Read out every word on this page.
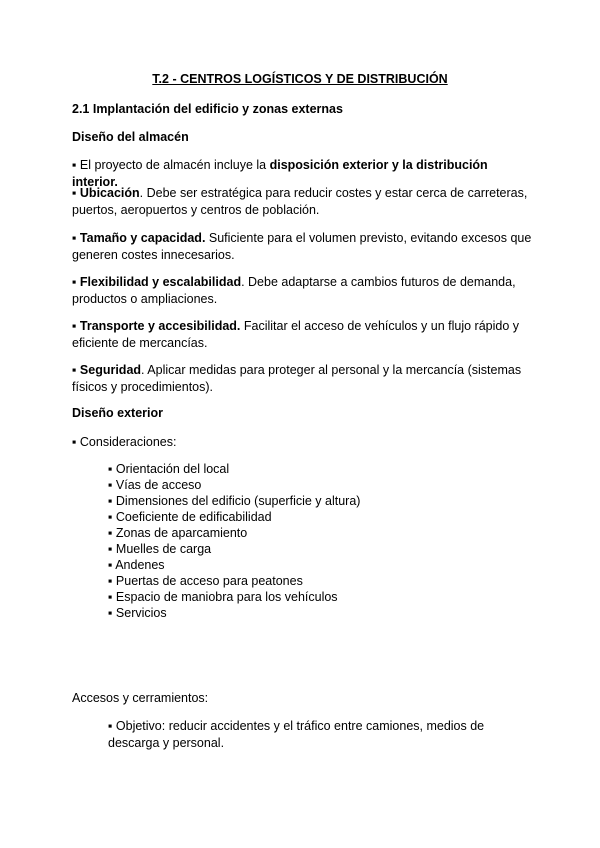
T.2 - CENTROS LOGÍSTICOS Y DE DISTRIBUCIÓN
2.1 Implantación del edificio y zonas externas
Diseño del almacén
▪ El proyecto de almacén incluye la disposición exterior y la distribución interior.
▪ Ubicación. Debe ser estratégica para reducir costes y estar cerca de carreteras, puertos, aeropuertos y centros de población.
▪ Tamaño y capacidad. Suficiente para el volumen previsto, evitando excesos que generen costes innecesarios.
▪ Flexibilidad y escalabilidad. Debe adaptarse a cambios futuros de demanda, productos o ampliaciones.
▪ Transporte y accesibilidad. Facilitar el acceso de vehículos y un flujo rápido y eficiente de mercancías.
▪ Seguridad. Aplicar medidas para proteger al personal y la mercancía (sistemas físicos y procedimientos).
Diseño exterior
▪ Consideraciones:
▪ Orientación del local
▪ Vías de acceso
▪ Dimensiones del edificio (superficie y altura)
▪ Coeficiente de edificabilidad
▪ Zonas de aparcamiento
▪ Muelles de carga
▪ Andenes
▪ Puertas de acceso para peatones
▪ Espacio de maniobra para los vehículos
▪ Servicios
Accesos y cerramientos:
▪ Objetivo: reducir accidentes y el tráfico entre camiones, medios de descarga y personal.
